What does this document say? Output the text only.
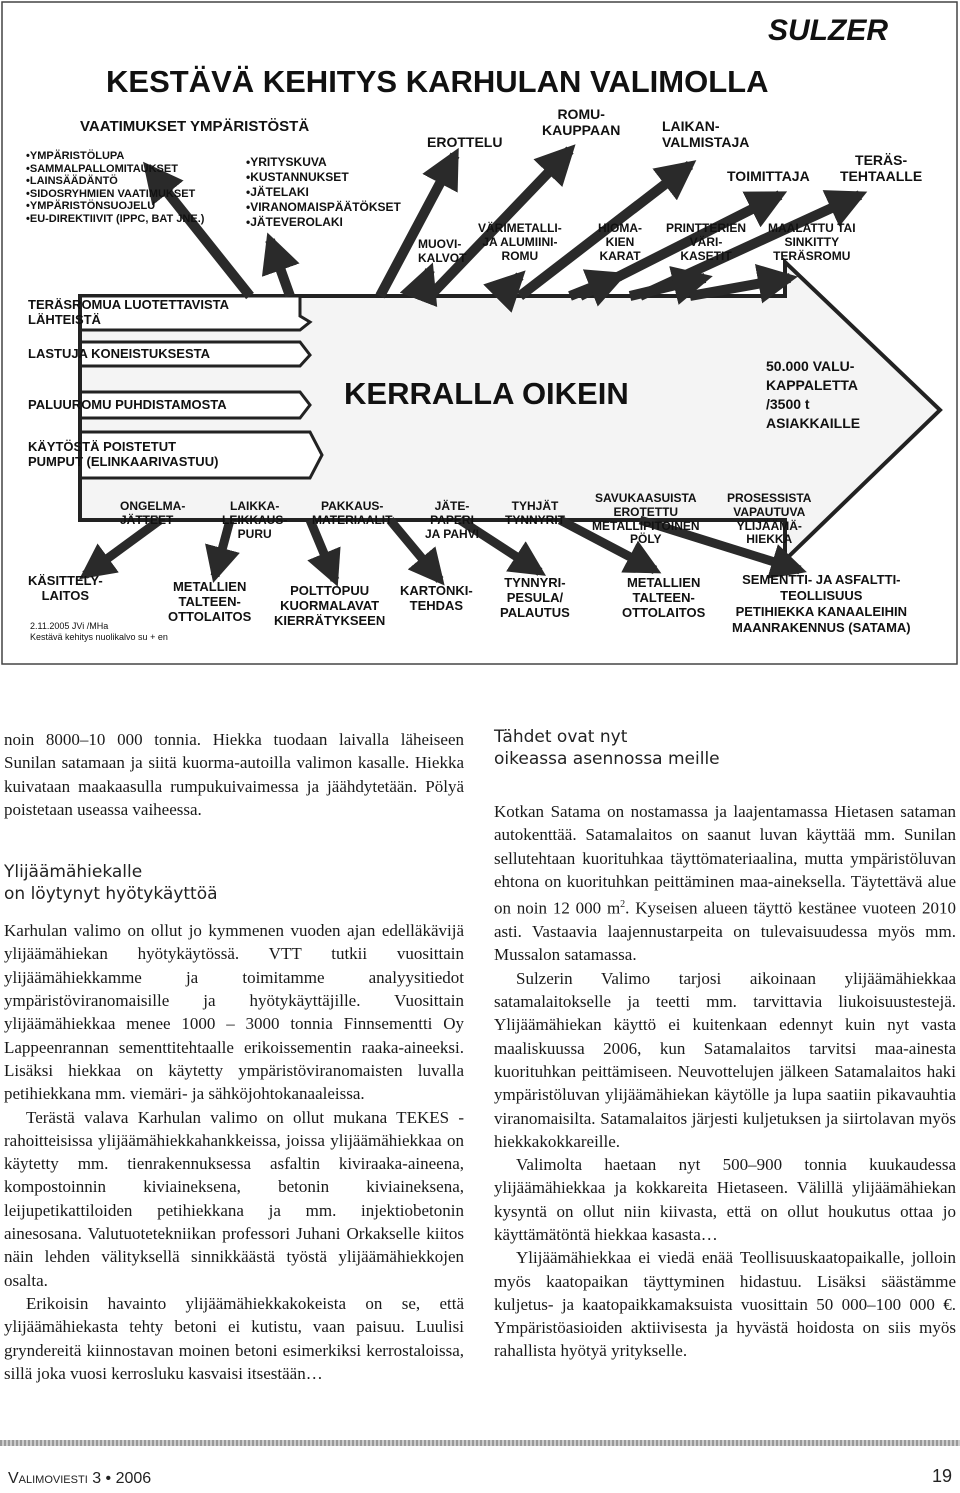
SULZER
KESTÄVÄ KEHITYS KARHULAN VALIMOLLA
VAATIMUKSET YMPÄRISTÖSTÄ
•YMPÄRISTÖLUPA
•SAMMALPALLOMITAUKSET
•LAINSÄÄDÄNTÖ
•SIDOSRYHMIEN VAATIMUKSET
•YMPÄRISTÖNSUOJELU
•EU-DIREKTIIVIT (IPPC, BAT JNE.)
•YRITYSKUVA
•KUSTANNUKSET
•JÄTELAKI
•VIRANOMAISPÄÄTÖKSET
•JÄTEVEROLAKI
EROTTELU
ROMU-
KAUPPAAN	LAIKAN-
VALMISTAJA
TOIMITTAJA
TERÄS-
TEHTAALLE
MUOVI-
KALVOT
VÄRIMETALLI-
JA ALUMIINI-
ROMU
HIOMA-
KIEN
KARAT
PRINTTERIEN
VÄRI-
KASETIT
MAALATTU TAI
SINKITTY
TERÄSROMU
TERÄSROMUA LUOTETTAVISTA
LÄHTEISTÄ
LASTUJA KONEISTUKSESTA
PALUUROMU PUHDISTAMOSTA
KÄYTÖSTÄ POISTETUT
PUMPUT (ELINKAARIVASTUU)
KERRALLA OIKEIN
50.000 VALU-
KAPPALETTA
/3500 t
ASIAKKAILLE
ONGELMA-
JÄTTEET
LAIKKA-
LEIKKAUS-
PURU
PAKKAUS-
MATERIAALIT
JÄTE-
PAPERI
JA PAHVI
TYHJÄT
TYNNYRIT
SAVUKAASUISTA
EROTETTU
METALLIPITOINEN
PÖLY
PROSESSISTA
VAPAUTUVA
YLIJÄÄMÄ-
HIEKKA
KÄSITTELY-
LAITOS
METALLIEN
TALTEEN-
OTTOLAITOS
POLTTOPUU
KUORMALAVAT
KIERRÄTYKSEEN
KARTONKI-
TEHDAS
TYNNYRI-
PESULA/
PALAUTUS
METALLIEN
TALTEEN-
OTTOLAITOS
SEMENTTI- JA ASFALTTI-
TEOLLISUUS
PETIHIEKKA KANAALEIHIN
MAANRAKENNUS (SATAMA)
2.11.2005 JVi /MHa
Kestävä kehitys nuolikalvo su + en

noin 8000–10 000 tonnia. Hiekka tuodaan laivalla läheiseen Sunilan satamaan ja siitä kuorma-autoilla valimon kasalle. Hiekka kuivataan maakaasulla rumpukuivaimessa ja jäähdytetään. Pölyä poistetaan useassa vaiheessa.

Ylijäämähiekalle

on löytynyt hyötykäyttöä

Karhulan valimo on ollut jo kymmenen vuoden ajan edelläkävijä ylijäämähiekan hyötykäytössä. VTT tutkii vuosittain ylijäämähiekkamme ja toimitamme analyysitiedot ympäristöviranomaisille ja hyötykäyttäjille. Vuosittain ylijäämähiekkaa menee 1000 – 3000 tonnia Finnsementti Oy Lappeenrannan sementtitehtaalle erikoissementin raaka-aineeksi. Lisäksi hiekkaa on käytetty ympäristöviranomaisten luvalla petihiekkana mm. viemäri- ja sähköjohtokanaaleissa.

Terästä valava Karhulan valimo on ollut mukana TEKES -rahoitteisissa ylijäämähiekkahankkeissa, joissa ylijäämähiekkaa on käytetty mm. tienrakennuksessa asfaltin kiviraaka-aineena, kompostoinnin kiviaineksena, betonin kiviaineksena, leijupetikattiloiden petihiekkana ja mm. injektiobetonin ainesosana. Valutuotetekniikan professori Juhani Orkakselle kiitos näin lehden välityksellä sinnikkäästä työstä ylijäämähiekkojen osalta.

Erikoisin havainto ylijäämähiekkakokeista on se, että ylijäämähiekasta tehty betoni ei kutistu, vaan paisuu. Luulisi gryndereitä kiinnostavan moinen betoni esimerkiksi kerrostaloissa, sillä joka vuosi kerrosluku kasvaisi itsestään…

Tähdet ovat nyt

oikeassa asennossa meille

Kotkan Satama on nostamassa ja laajentamassa Hietasen sataman autokenttää. Satamalaitos on saanut luvan käyttää mm. Sunilan sellutehtaan kuorituhkaa täyttömateriaalina, mutta ympäristöluvan ehtona on kuorituhkan peittäminen maa-aineksella. Täytettävä alue on noin 12 000 $m^2$. Kyseisen alueen täyttö kestänee vuoteen 2010 asti. Vastaavia laajennustarpeita on tulevaisuudessa myös mm. Mussalon satamassa.

Sulzerin Valimo tarjosi aikoinaan ylijäämähiekkaa satamalaitokselle ja teetti mm. tarvittavia liukoisuustestejä. Ylijäämähiekan käyttö ei kuitenkaan edennyt kuin nyt vasta maaliskuussa 2006, kun Satamalaitos tarvitsi maa-ainesta kuorituhkan peittämiseen. Neuvottelujen jälkeen Satamalaitos haki ympäristöluvan ylijäämähiekan käytölle ja lupa saatiin pikavauhtia viranomaisilta. Satamalaitos järjesti kuljetuksen ja siirtolavan myös hiekkakokkareille.

Valimolta haetaan nyt 500–900 tonnia kuukaudessa ylijäämähiekkaa ja kokkareita Hietaseen. Välillä ylijäämähiekan kysyntä on ollut niin kiivasta, että on ollut houkutus ottaa jo käyttämätöntä hiekkaa kasasta…

Ylijäämähiekkaa ei viedä enää Teollisuuskaatopaikalle, jolloin myös kaatopaikan täyttyminen hidastuu. Lisäksi säästämme kuljetus- ja kaatopaikkamaksuista vuosittain 50 000–100 000 €. Ympäristöasioiden aktiivisesta ja hyvästä hoidosta on siis myös rahallista hyötyä yritykselle.

Valimoviesti 3 • 2006	19
